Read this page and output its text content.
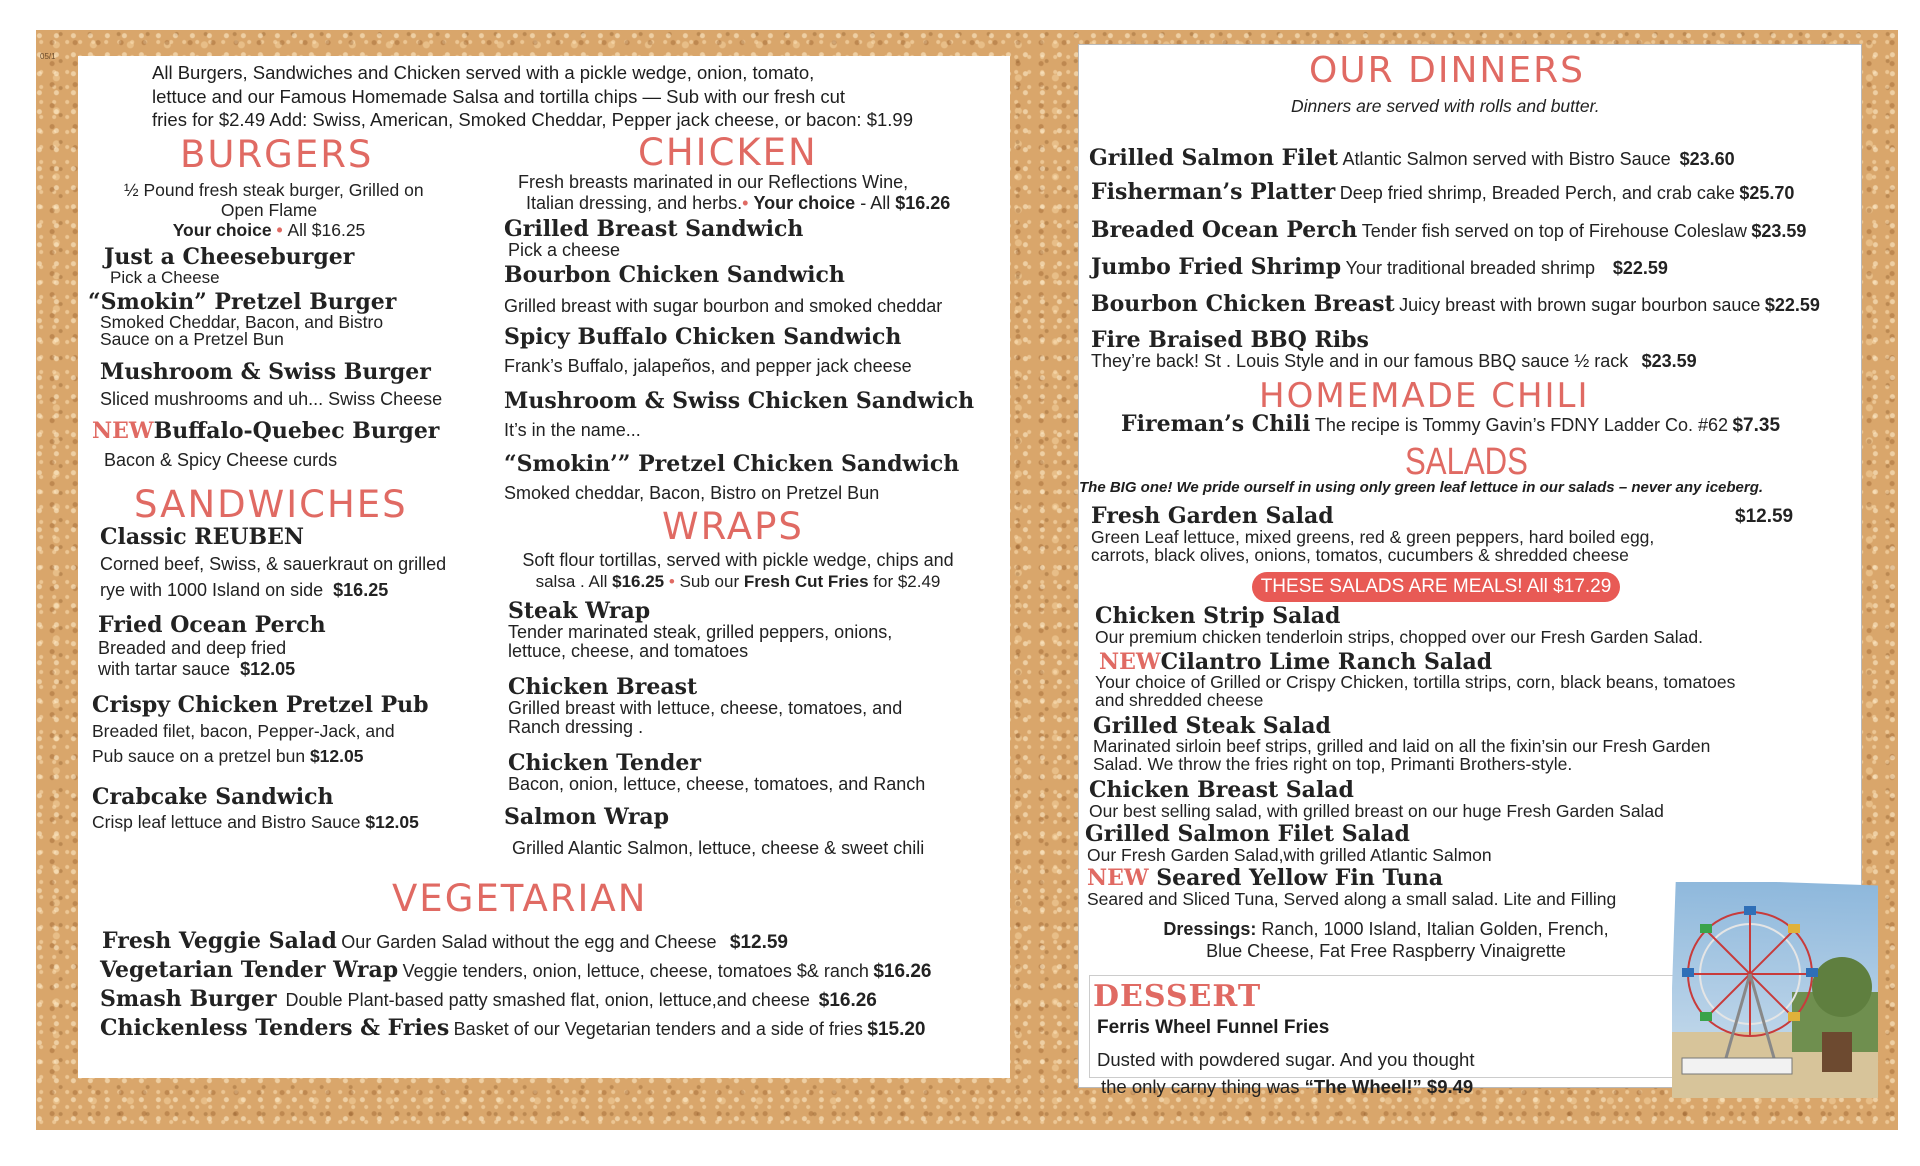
05/1
All Burgers, Sandwiches and Chicken served with a pickle wedge, onion, tomato,
lettuce and our Famous Homemade Salsa and tortilla chips — Sub with our fresh cut
fries for $2.49 Add: Swiss, American, Smoked Cheddar, Pepper jack cheese, or bacon: $1.99
BURGERS
½ Pound fresh steak burger, Grilled on
Open Flame
Your choice • All $16.25
Just a Cheeseburger
Pick a Cheese
“Smokin” Pretzel Burger
Smoked Cheddar, Bacon, and Bistro
Sauce on a Pretzel Bun
Mushroom & Swiss Burger
Sliced mushrooms and uh... Swiss Cheese
NEWBuffalo-Quebec Burger
Bacon & Spicy Cheese curds
SANDWICHES
Classic REUBEN
Corned beef, Swiss, & sauerkraut on grilled
rye with 1000 Island on side $16.25
Fried Ocean Perch
Breaded and deep fried
with tartar sauce $12.05
Crispy Chicken Pretzel Pub
Breaded filet, bacon, Pepper-Jack, and
Pub sauce on a pretzel bun $12.05
Crabcake Sandwich
Crisp leaf lettuce and Bistro Sauce $12.05
CHICKEN
Fresh breasts marinated in our Reflections Wine,
Italian dressing, and herbs.• Your choice - All $16.26
Grilled Breast Sandwich
Pick a cheese
Bourbon Chicken Sandwich
Grilled breast with sugar bourbon and smoked cheddar
Spicy Buffalo Chicken Sandwich
Frank’s Buffalo, jalapeños, and pepper jack cheese
Mushroom & Swiss Chicken Sandwich
It’s in the name...
“Smokin’” Pretzel Chicken Sandwich
Smoked cheddar, Bacon, Bistro on Pretzel Bun
WRAPS
Soft flour tortillas, served with pickle wedge, chips and
salsa . All $16.25 • Sub our Fresh Cut Fries for $2.49
Steak Wrap
Tender marinated steak, grilled peppers, onions,
lettuce, cheese, and tomatoes
Chicken Breast
Grilled breast with lettuce, cheese, tomatoes, and
Ranch dressing .
Chicken Tender
Bacon, onion, lettuce, cheese, tomatoes, and Ranch
Salmon Wrap
Grilled Alantic Salmon, lettuce, cheese & sweet chili
VEGETARIAN
Fresh Veggie Salad Our Garden Salad without the egg and Cheese $12.59
Vegetarian Tender Wrap Veggie tenders, onion, lettuce, cheese, tomatoes $& ranch $16.26
Smash Burger Double Plant-based patty smashed flat, onion, lettuce,and cheese $16.26
Chickenless Tenders & Fries Basket of our Vegetarian tenders and a side of fries $15.20
OUR DINNERS
Dinners are served with rolls and butter.
Grilled Salmon Filet Atlantic Salmon served with Bistro Sauce $23.60
Fisherman’s Platter Deep fried shrimp, Breaded Perch, and crab cake $25.70
Breaded Ocean Perch Tender fish served on top of Firehouse Coleslaw $23.59
Jumbo Fried Shrimp Your traditional breaded shrimp $22.59
Bourbon Chicken Breast Juicy breast with brown sugar bourbon sauce $22.59
Fire Braised BBQ Ribs
They’re back! St . Louis Style and in our famous BBQ sauce ½ rack $23.59
HOMEMADE CHILI
Fireman’s Chili The recipe is Tommy Gavin’s FDNY Ladder Co. #62 $7.35
SALADS
The BIG one! We pride ourself in using only green leaf lettuce in our salads – never any iceberg.
Fresh Garden Salad
Green Leaf lettuce, mixed greens, red & green peppers, hard boiled egg,
carrots, black olives, onions, tomatos, cucumbers & shredded cheese
$12.59
Chicken Strip Salad
Our premium chicken tenderloin strips, chopped over our Fresh Garden Salad.
NEWCilantro Lime Ranch Salad
Your choice of Grilled or Crispy Chicken, tortilla strips, corn, black beans, tomatoes
and shredded cheese
Grilled Steak Salad
Marinated sirloin beef strips, grilled and laid on all the fixin’sin our Fresh Garden
Salad. We throw the fries right on top, Primanti Brothers-style.
Chicken Breast Salad
Our best selling salad, with grilled breast on our huge Fresh Garden Salad
Grilled Salmon Filet Salad
Our Fresh Garden Salad,with grilled Atlantic Salmon
NEW Seared Yellow Fin Tuna
Seared and Sliced Tuna, Served along a small salad. Lite and Filling
Dressings: Ranch, 1000 Island, Italian Golden, French,
Blue Cheese, Fat Free Raspberry Vinaigrette
DESSERT
Ferris Wheel Funnel Fries
Dusted with powdered sugar. And you thought
the only carny thing was “The Wheel!” $9.49
THESE SALADS ARE MEALS! All $17.29
